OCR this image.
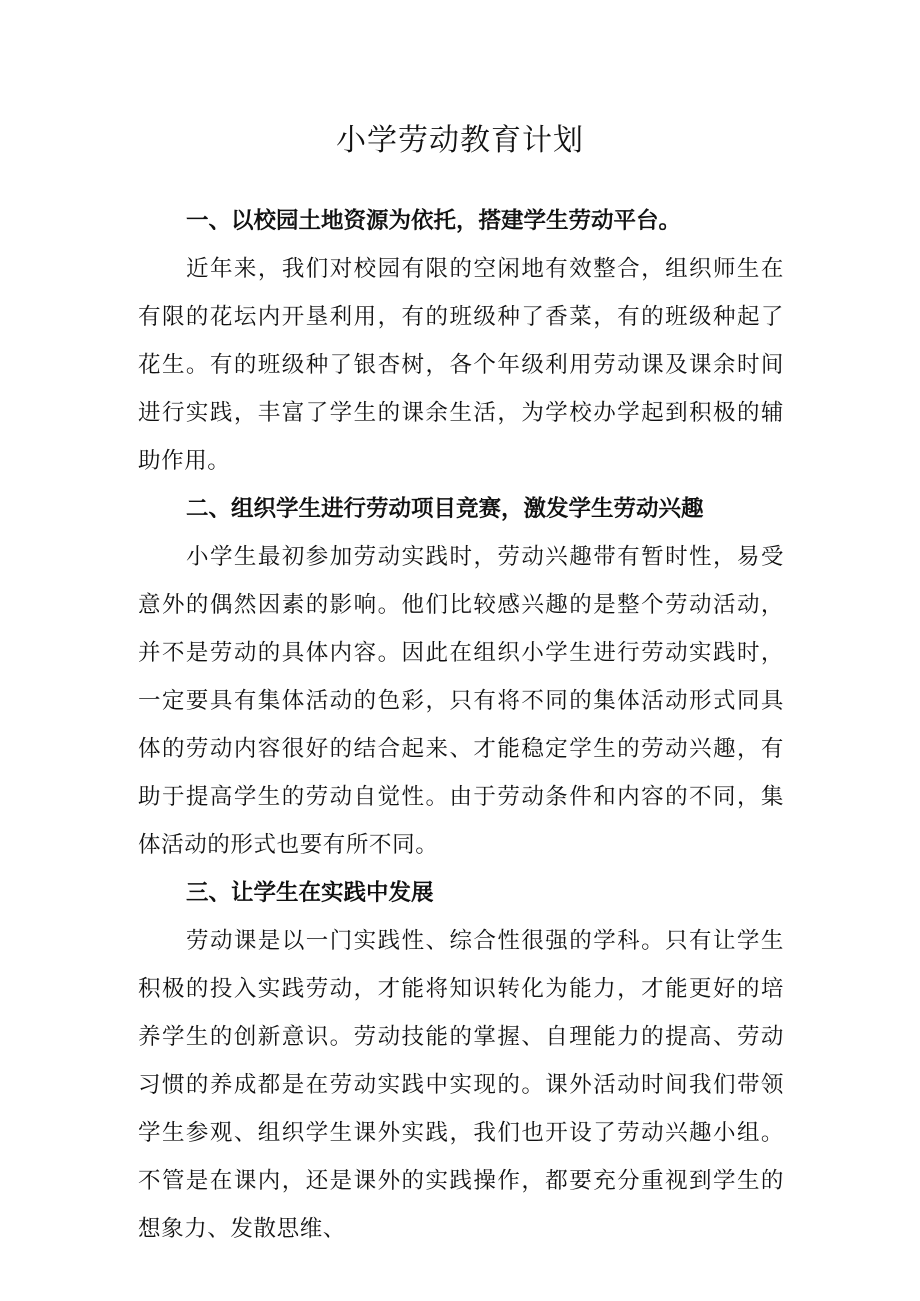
小学劳动教育计划

一、以校园土地资源为依托，搭建学生劳动平台。

近年来，我们对校园有限的空闲地有效整合，组织师生在有限的花坛内开垦利用，有的班级种了香菜，有的班级种起了花生。有的班级种了银杏树，各个年级利用劳动课及课余时间进行实践，丰富了学生的课余生活，为学校办学起到积极的辅助作用。

二、组织学生进行劳动项目竞赛，激发学生劳动兴趣

小学生最初参加劳动实践时，劳动兴趣带有暂时性，易受意外的偶然因素的影响。他们比较感兴趣的是整个劳动活动，并不是劳动的具体内容。因此在组织小学生进行劳动实践时，一定要具有集体活动的色彩，只有将不同的集体活动形式同具体的劳动内容很好的结合起来、才能稳定学生的劳动兴趣，有助于提高学生的劳动自觉性。由于劳动条件和内容的不同，集体活动的形式也要有所不同。

三、让学生在实践中发展

劳动课是以一门实践性、综合性很强的学科。只有让学生积极的投入实践劳动，才能将知识转化为能力，才能更好的培养学生的创新意识。劳动技能的掌握、自理能力的提高、劳动习惯的养成都是在劳动实践中实现的。课外活动时间我们带领学生参观、组织学生课外实践，我们也开设了劳动兴趣小组。不管是在课内，还是课外的实践操作，都要充分重视到学生的想象力、发散思维、
